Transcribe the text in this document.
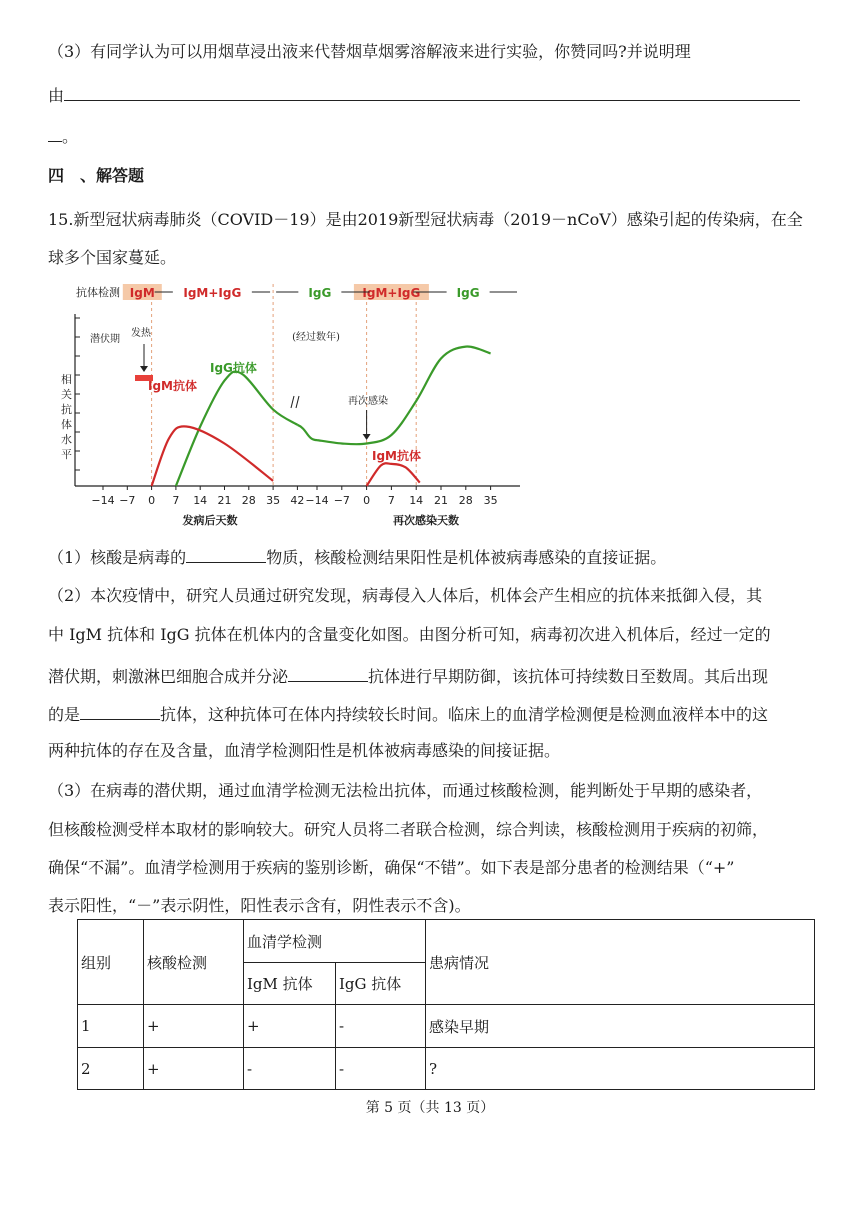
（3）有同学认为可以用烟草浸出液来代替烟草烟雾溶解液来进行实验，你赞同吗?并说明理
由
。
四　、解答题
15.新型冠状病毒肺炎（COVID－19）是由2019新型冠状病毒（2019－nCoV）感染引起的传染病，在全
球多个国家蔓延。
相
关
抗
体
水
平
−14 −7 0 7 14 21 28 35 42 −14 −7 0 7 14 21 28 35
发病后天数	再次感染天数
抗体检测 IgM IgM+IgG	IgG	IgM+IgG	IgG
潜伏期
发热	(经过数年)
再次感染
IgG抗体
IgM抗体
IgM抗体
（1）核酸是病毒的	物质，核酸检测结果阳性是机体被病毒感染的直接证据。
（2）本次疫情中，研究人员通过研究发现，病毒侵入人体后，机体会产生相应的抗体来抵御入侵，其
中 IgM 抗体和 IgG 抗体在机体内的含量变化如图。由图分析可知，病毒初次进入机体后，经过一定的
潜伏期，刺激淋巴细胞合成并分泌	抗体进行早期防御，该抗体可持续数日至数周。其后出现
的是	抗体，这种抗体可在体内持续较长时间。临床上的血清学检测便是检测血液样本中的这
两种抗体的存在及含量，血清学检测阳性是机体被病毒感染的间接证据。
（3）在病毒的潜伏期，通过血清学检测无法检出抗体，而通过核酸检测，能判断处于早期的感染者，
但核酸检测受样本取材的影响较大。研究人员将二者联合检测，综合判读，核酸检测用于疾病的初筛，
确保“不漏”。血清学检测用于疾病的鉴别诊断，确保“不错”。如下表是部分患者的检测结果（“+”
表示阳性，“－”表示阴性，阳性表示含有，阴性表示不含)。
组别	核酸检测	血清学检测		患病情况
		IgM 抗体	IgG 抗体	
1	+	+	-	感染早期
2	+	-	-	?
第 5 页（共 13 页）
